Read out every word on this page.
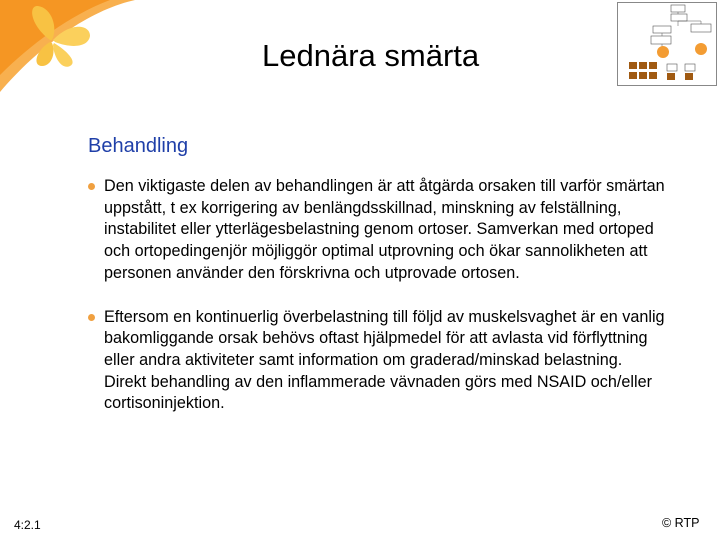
Lednära smärta
Behandling
Den viktigaste delen av behandlingen är att åtgärda orsaken till varför smärtan uppstått, t ex korrigering av benlängdsskillnad, minskning av felställning, instabilitet eller ytterlägesbelastning genom ortoser. Samverkan med ortoped och ortopedingenjör möjliggör optimal utprovning och ökar sannolikheten att personen använder den förskrivna och utprovade ortosen.
Eftersom en kontinuerlig överbelastning till följd av muskelsvaghet är en vanlig bakomliggande orsak behövs oftast hjälpmedel för att avlasta vid förflyttning eller andra aktiviteter samt information om graderad/minskad belastning. Direkt behandling av den inflammerade vävnaden görs med NSAID och/eller cortisoninjektion.
4:2.1	© RTP
